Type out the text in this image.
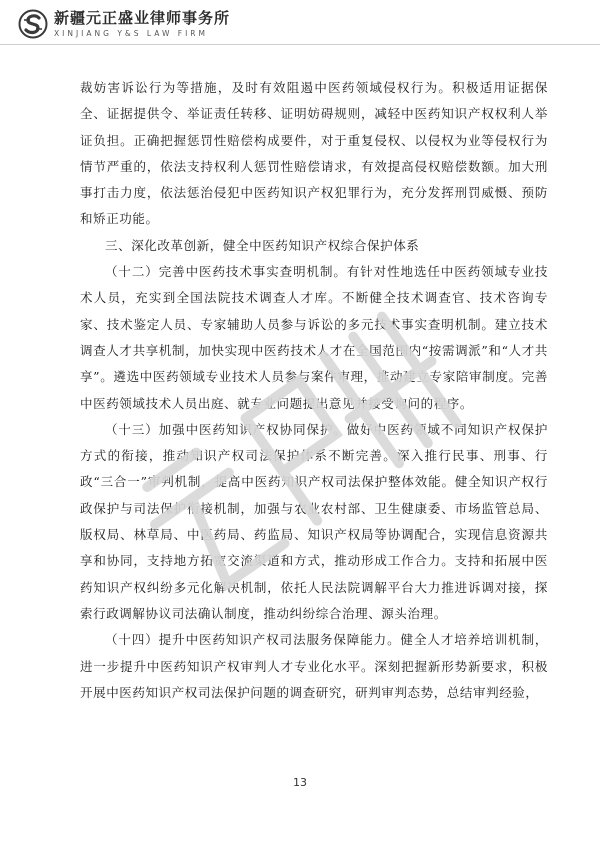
新疆元正盛业律师事务所
XINJIANG Y&S LAW FIRM

裁妨害诉讼行为等措施，及时有效阻遏中医药领域侵权行为。积极适用证据保全、证据提供令、举证责任转移、证明妨碍规则，减轻中医药知识产权权利人举证负担。正确把握惩罚性赔偿构成要件，对于重复侵权、以侵权为业等侵权行为情节严重的，依法支持权利人惩罚性赔偿请求，有效提高侵权赔偿数额。加大刑事打击力度，依法惩治侵犯中医药知识产权犯罪行为，充分发挥刑罚威慑、预防和矫正功能。

三、深化改革创新，健全中医药知识产权综合保护体系

（十二）完善中医药技术事实查明机制。有针对性地选任中医药领域专业技术人员，充实到全国法院技术调查人才库。不断健全技术调查官、技术咨询专家、技术鉴定人员、专家辅助人员参与诉讼的多元技术事实查明机制。建立技术调查人才共享机制，加快实现中医药技术人才在全国范围内“按需调派”和“人才共享”。遴选中医药领域专业技术人员参与案件审理，推动建立专家陪审制度。完善中医药领域技术人员出庭、就专业问题提出意见并接受询问的程序。

（十三）加强中医药知识产权协同保护。做好中医药领域不同知识产权保护方式的衔接，推动知识产权司法保护体系不断完善。深入推行民事、刑事、行政“三合一”审判机制，提高中医药知识产权司法保护整体效能。健全知识产权行政保护与司法保护衔接机制，加强与农业农村部、卫生健康委、市场监管总局、版权局、林草局、中医药局、药监局、知识产权局等协调配合，实现信息资源共享和协同，支持地方拓宽交流渠道和方式，推动形成工作合力。支持和拓展中医药知识产权纠纷多元化解决机制，依托人民法院调解平台大力推进诉调对接，探索行政调解协议司法确认制度，推动纠纷综合治理、源头治理。

（十四）提升中医药知识产权司法服务保障能力。健全人才培养培训机制，进一步提升中医药知识产权审判人才专业化水平。深刻把握新形势新要求，积极开展中医药知识产权司法保护问题的调查研究，研判审判态势，总结审判经验，

13
